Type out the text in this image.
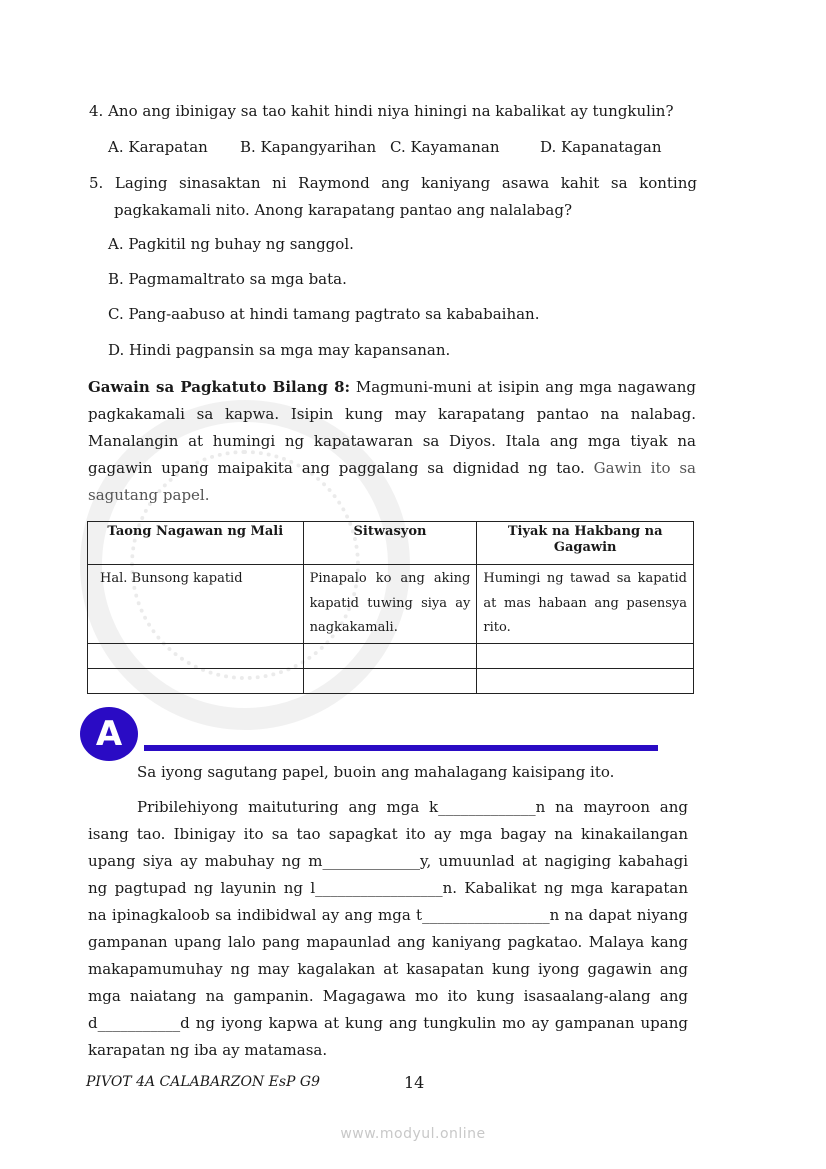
4. Ano ang ibinigay sa tao kahit hindi niya hiningi na kabalikat ay tungkulin?
A. Karapatan B. Kapangyarihan C. Kayamanan	D. Kapanatagan
5. Laging sinasaktan ni Raymond ang kaniyang asawa kahit sa konting
pagkakamali nito. Anong karapatang pantao ang nalalabag?
A. Pagkitil ng buhay ng sanggol.
B. Pagmamaltrato sa mga bata.
C. Pang-aabuso at hindi tamang pagtrato sa kababaihan.
D. Hindi pagpansin sa mga may kapansanan.
Gawain sa Pagkatuto Bilang 8: Magmuni-muni at isipin ang mga nagawang
pagkakamali sa kapwa. Isipin kung may karapatang pantao na nalabag.
Manalangin at humingi ng kapatawaran sa Diyos. Itala ang mga tiyak na
gagawin upang maipakita ang paggalang sa dignidad ng tao. Gawin ito sa
sagutang papel.
Taong Nagawan ng Mali	Sitwasyon	Tiyak na Hakbang na Gagawin
Hal. Bunsong kapatid	Pinapalo ko ang aking kapatid tuwing siya ay nagkakamali.	Humingi ng tawad sa kapatid at mas habaan ang pasensya rito.

A
Sa iyong sagutang papel, buoin ang mahalagang kaisipang ito.
Pribilehiyong maituturing ang mga k_____________n na mayroon ang
isang tao. Ibinigay ito sa tao sapagkat ito ay mga bagay na kinakailangan
upang siya ay mabuhay ng m_____________y, umuunlad at nagiging kabahagi
ng pagtupad ng layunin ng l_________________n. Kabalikat ng mga karapatan
na ipinagkaloob sa indibidwal ay ang mga t_________________n na dapat niyang
gampanan upang lalo pang mapaunlad ang kaniyang pagkatao. Malaya kang
makapamumuhay ng may kagalakan at kasapatan kung iyong gagawin ang
mga naiatang na gampanin. Magagawa mo ito kung isasaalang-alang ang
d___________d ng iyong kapwa at kung ang tungkulin mo ay gampanan upang
karapatan ng iba ay matamasa.
PIVOT 4A CALABARZON EsP G9	14
www.modyul.online
